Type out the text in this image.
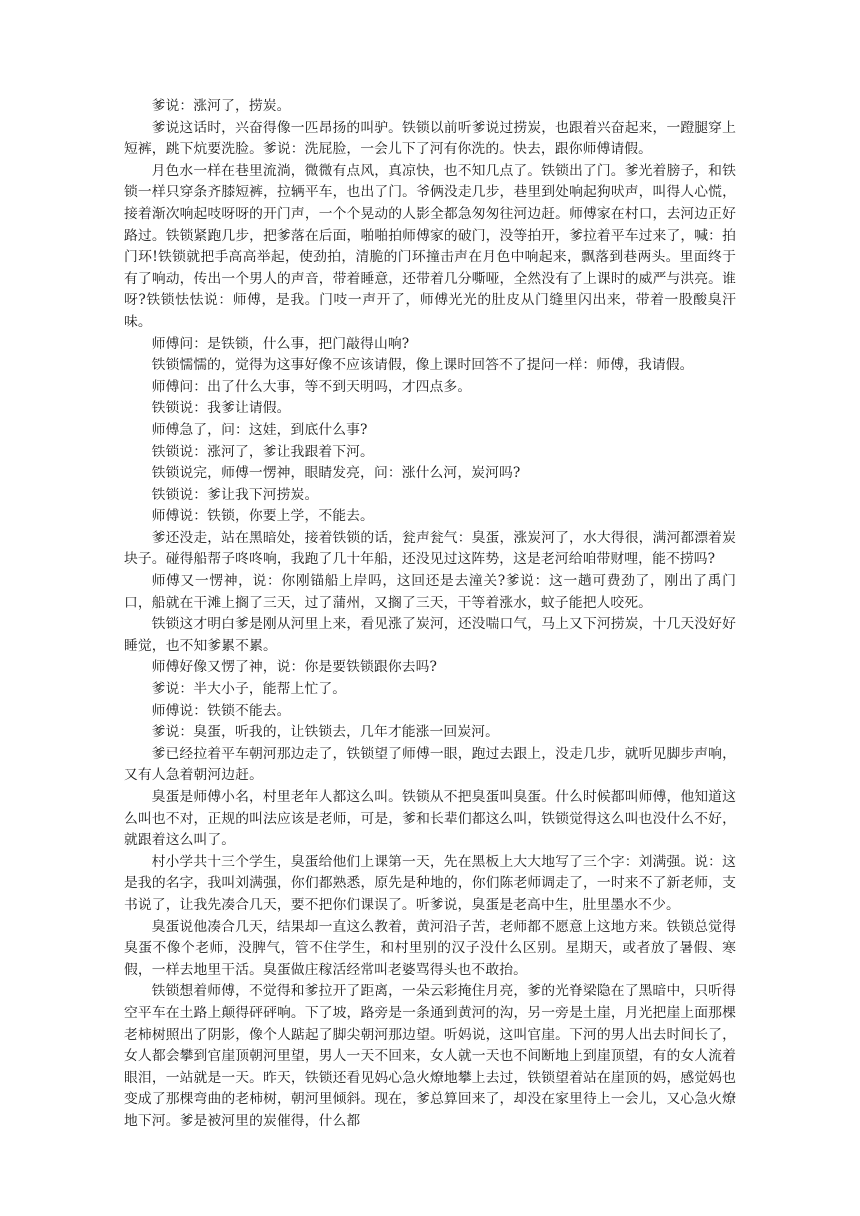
爹说：涨河了，捞炭。

爹说这话时，兴奋得像一匹昂扬的叫驴。铁锁以前听爹说过捞炭，也跟着兴奋起来，一蹬腿穿上短裤，跳下炕要洗脸。爹说：洗屁脸，一会儿下了河有你洗的。快去，跟你师傅请假。

月色水一样在巷里流淌，微微有点风，真凉快，也不知几点了。铁锁出了门。爹光着膀子，和铁锁一样只穿条齐膝短裤，拉辆平车，也出了门。爷俩没走几步，巷里到处响起狗吠声，叫得人心慌，接着渐次响起吱呀呀的开门声，一个个晃动的人影全都急匆匆往河边赶。师傅家在村口，去河边正好路过。铁锁紧跑几步，把爹落在后面，啪啪拍师傅家的破门，没等拍开，爹拉着平车过来了，喊：拍门环!铁锁就把手高高举起，使劲拍，清脆的门环撞击声在月色中响起来，飘落到巷两头。里面终于有了响动，传出一个男人的声音，带着睡意，还带着几分嘶哑，全然没有了上课时的威严与洪亮。谁呀?铁锁怯怯说：师傅，是我。门吱一声开了，师傅光光的肚皮从门缝里闪出来，带着一股酸臭汗味。

师傅问：是铁锁，什么事，把门敲得山响?

铁锁懦懦的，觉得为这事好像不应该请假，像上课时回答不了提问一样：师傅，我请假。

师傅问：出了什么大事，等不到天明吗，才四点多。

铁锁说：我爹让请假。

师傅急了，问：这娃，到底什么事?

铁锁说：涨河了，爹让我跟着下河。

铁锁说完，师傅一愣神，眼睛发亮，问：涨什么河，炭河吗?

铁锁说：爹让我下河捞炭。

师傅说：铁锁，你要上学，不能去。

爹还没走，站在黑暗处，接着铁锁的话，瓮声瓮气：臭蛋，涨炭河了，水大得很，满河都漂着炭块子。碰得船帮子咚咚响，我跑了几十年船，还没见过这阵势，这是老河给咱带财哩，能不捞吗?

师傅又一愣神，说：你刚锚船上岸吗，这回还是去潼关?爹说：这一趟可费劲了，刚出了禹门口，船就在干滩上搁了三天，过了蒲州，又搁了三天，干等着涨水，蚊子能把人咬死。

铁锁这才明白爹是刚从河里上来，看见涨了炭河，还没喘口气，马上又下河捞炭，十几天没好好睡觉，也不知爹累不累。

师傅好像又愣了神，说：你是要铁锁跟你去吗?

爹说：半大小子，能帮上忙了。

师傅说：铁锁不能去。

爹说：臭蛋，听我的，让铁锁去，几年才能涨一回炭河。

爹已经拉着平车朝河那边走了，铁锁望了师傅一眼，跑过去跟上，没走几步，就听见脚步声响，又有人急着朝河边赶。

臭蛋是师傅小名，村里老年人都这么叫。铁锁从不把臭蛋叫臭蛋。什么时候都叫师傅，他知道这么叫也不对，正规的叫法应该是老师，可是，爹和长辈们都这么叫，铁锁觉得这么叫也没什么不好，就跟着这么叫了。

村小学共十三个学生，臭蛋给他们上课第一天，先在黑板上大大地写了三个字：刘满强。说：这是我的名字，我叫刘满强，你们都熟悉，原先是种地的，你们陈老师调走了，一时来不了新老师，支书说了，让我先凑合几天，要不把你们课误了。听爹说，臭蛋是老高中生，肚里墨水不少。

臭蛋说他凑合几天，结果却一直这么教着，黄河沿子苦，老师都不愿意上这地方来。铁锁总觉得臭蛋不像个老师，没脾气，管不住学生，和村里别的汉子没什么区别。星期天，或者放了暑假、寒假，一样去地里干活。臭蛋做庄稼活经常叫老婆骂得头也不敢抬。

铁锁想着师傅，不觉得和爹拉开了距离，一朵云彩掩住月亮，爹的光脊梁隐在了黑暗中，只听得空平车在土路上颠得砰砰响。下了坡，路旁是一条通到黄河的沟，另一旁是土崖，月光把崖上面那棵老柿树照出了阴影，像个人踮起了脚尖朝河那边望。听妈说，这叫官崖。下河的男人出去时间长了，女人都会攀到官崖顶朝河里望，男人一天不回来，女人就一天也不间断地上到崖顶望，有的女人流着眼泪，一站就是一天。昨天，铁锁还看见妈心急火燎地攀上去过，铁锁望着站在崖顶的妈，感觉妈也变成了那棵弯曲的老柿树，朝河里倾斜。现在，爹总算回来了，却没在家里待上一会儿，又心急火燎地下河。爹是被河里的炭催得，什么都
